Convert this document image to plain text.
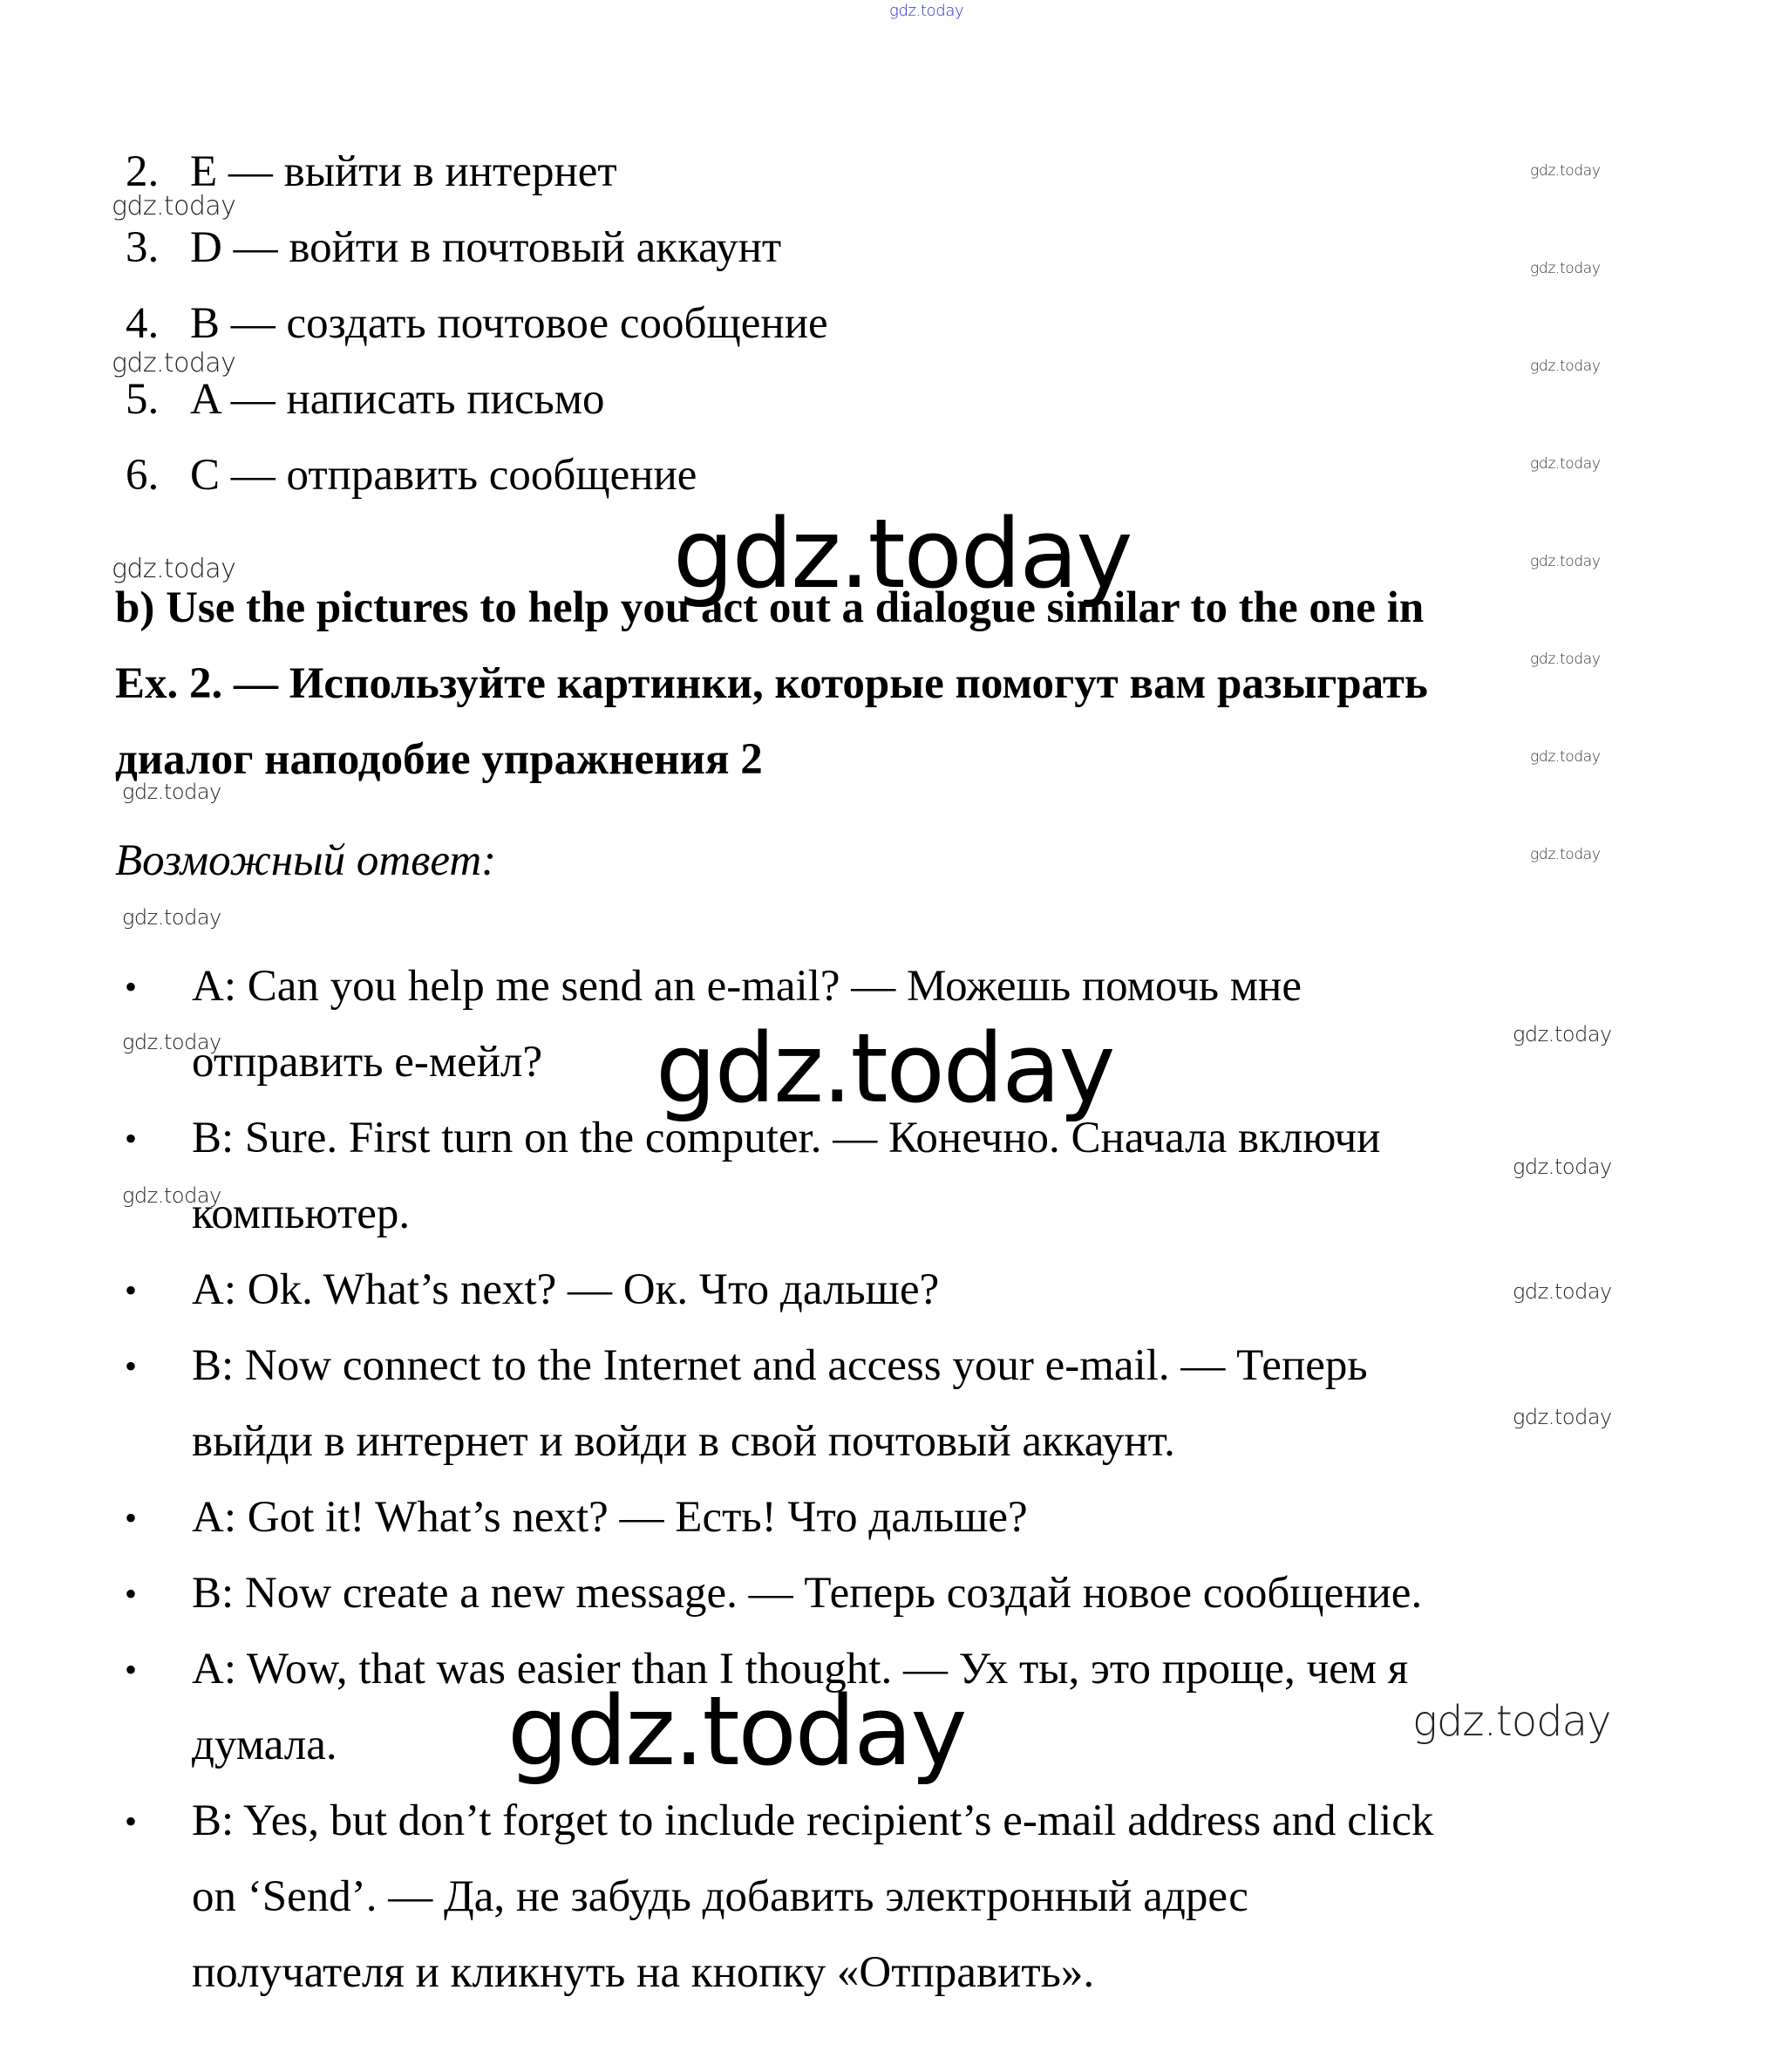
2. E — выйти в интернет
3. D — войти в почтовый аккаунт
4. B — создать почтовое сообщение
5. A — написать письмо
6. C — отправить сообщение
b) Use the pictures to help you act out a dialogue similar to the one in
Ex. 2. — Используйте картинки, которые помогут вам разыграть
диалог наподобие упражнения 2
Возможный ответ:
• A: Can you help me send an e-mail? — Можешь помочь мне
отправить е-мейл?
• B: Sure. First turn on the computer. — Конечно. Сначала включи
компьютер.
• A: Ok. What’s next? — Ок. Что дальше?
• B: Now connect to the Internet and access your e-mail. — Теперь
выйди в интернет и войди в свой почтовый аккаунт.
• A: Got it! What’s next? — Есть! Что дальше?
• B: Now create a new message. — Теперь создай новое сообщение.
• A: Wow, that was easier than I thought. — Ух ты, это проще, чем я
думала.
• B: Yes, but don’t forget to include recipient’s e-mail address and click
on ‘Send’. — Да, не забудь добавить электронный адрес
получателя и кликнуть на кнопку «Отправить».
gdz.today
gdz.today
gdz.today
gdz.today
gdz.today
gdz.today
gdz.today
gdz.today
gdz.today
gdz.today
gdz.today
gdz.today
gdz.today
gdz.today
gdz.today
gdz.today
gdz.today
gdz.today
gdz.today
gdz.today
gdz.today
gdz.today
gdz.today
gdz.today
